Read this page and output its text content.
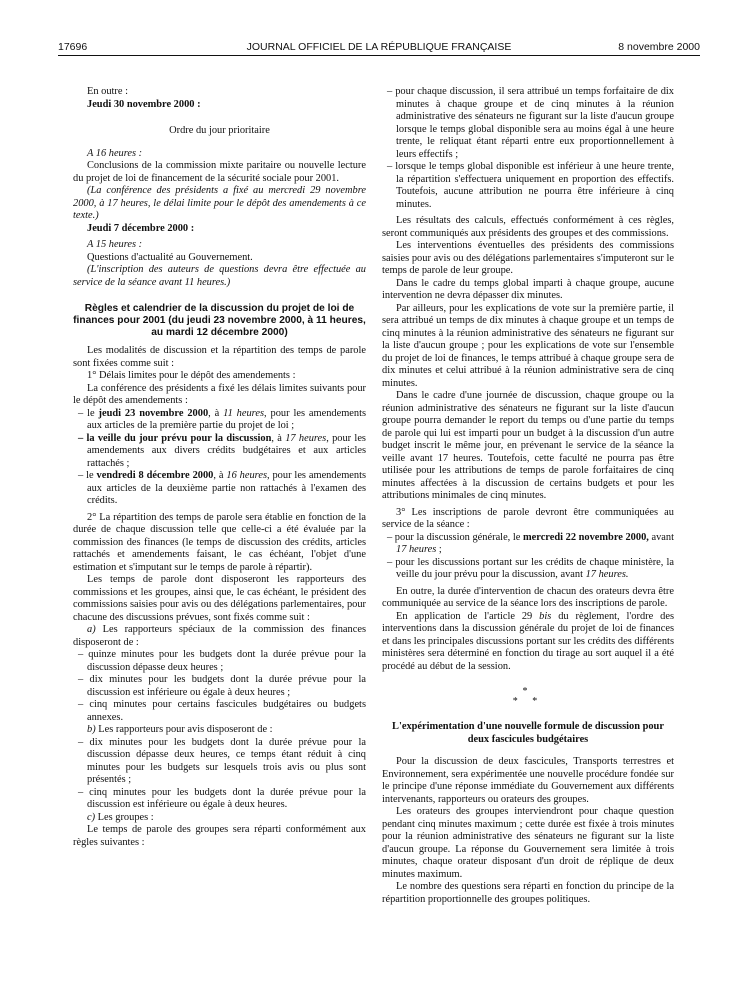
17696	JOURNAL OFFICIEL DE LA RÉPUBLIQUE FRANÇAISE	8 novembre 2000

En outre :

Jeudi 30 novembre 2000 :

Ordre du jour prioritaire

A 16 heures :

Conclusions de la commission mixte paritaire ou nouvelle lecture du projet de loi de financement de la sécurité sociale pour 2001.

(La conférence des présidents a fixé au mercredi 29 novembre 2000, à 17 heures, le délai limite pour le dépôt des amendements à ce texte.)

Jeudi 7 décembre 2000 :

A 15 heures :

Questions d'actualité au Gouvernement.

(L'inscription des auteurs de questions devra être effectuée au service de la séance avant 11 heures.)

Règles et calendrier de la discussion du projet de loi de finances pour 2001 (du jeudi 23 novembre 2000, à 11 heures, au mardi 12 décembre 2000)

Les modalités de discussion et la répartition des temps de parole sont fixées comme suit :

1° Délais limites pour le dépôt des amendements :

La conférence des présidents a fixé les délais limites suivants pour le dépôt des amendements :

– le jeudi 23 novembre 2000, à 11 heures, pour les amendements aux articles de la première partie du projet de loi ;
– la veille du jour prévu pour la discussion, à 17 heures, pour les amendements aux divers crédits budgétaires et aux articles rattachés ;
– le vendredi 8 décembre 2000, à 16 heures, pour les amendements aux articles de la deuxième partie non rattachés à l'examen des crédits.

2° La répartition des temps de parole sera établie en fonction de la durée de chaque discussion telle que celle-ci a été évaluée par la commission des finances (le temps de discussion des crédits, articles rattachés et amendements faisant, le cas échéant, l'objet d'une estimation et s'imputant sur le temps de parole à répartir).

Les temps de parole dont disposeront les rapporteurs des commissions et les groupes, ainsi que, le cas échéant, le président des commissions saisies pour avis ou des délégations parlementaires, pour chacune des discussions prévues, sont fixés comme suit :

a) Les rapporteurs spéciaux de la commission des finances disposeront de :

– quinze minutes pour les budgets dont la durée prévue pour la discussion dépasse deux heures ;
– dix minutes pour les budgets dont la durée prévue pour la discussion est inférieure ou égale à deux heures ;
– cinq minutes pour certains fascicules budgétaires ou budgets annexes.

b) Les rapporteurs pour avis disposeront de :

– dix minutes pour les budgets dont la durée prévue pour la discussion dépasse deux heures, ce temps étant réduit à cinq minutes pour les budgets sur lesquels trois avis ou plus sont présentés ;
– cinq minutes pour les budgets dont la durée prévue pour la discussion est inférieure ou égale à deux heures.

c) Les groupes :

Le temps de parole des groupes sera réparti conformément aux règles suivantes :

– pour chaque discussion, il sera attribué un temps forfaitaire de dix minutes à chaque groupe et de cinq minutes à la réunion administrative des sénateurs ne figurant sur la liste d'aucun groupe lorsque le temps global disponible sera au moins égal à une heure trente, le reliquat étant réparti entre eux proportionnellement à leurs effectifs ;
– lorsque le temps global disponible est inférieur à une heure trente, la répartition s'effectuera uniquement en proportion des effectifs. Toutefois, aucune attribution ne pourra être inférieure à cinq minutes.

Les résultats des calculs, effectués conformément à ces règles, seront communiqués aux présidents des groupes et des commissions.

Les interventions éventuelles des présidents des commissions saisies pour avis ou des délégations parlementaires s'imputeront sur le temps de parole de leur groupe.

Dans le cadre du temps global imparti à chaque groupe, aucune intervention ne devra dépasser dix minutes.

Par ailleurs, pour les explications de vote sur la première partie, il sera attribué un temps de dix minutes à chaque groupe et un temps de cinq minutes à la réunion administrative des sénateurs ne figurant sur la liste d'aucun groupe ; pour les explications de vote sur l'ensemble du projet de loi de finances, le temps attribué à chaque groupe sera de dix minutes et celui attribué à la réunion administrative sera de cinq minutes.

Dans le cadre d'une journée de discussion, chaque groupe ou la réunion administrative des sénateurs ne figurant sur la liste d'aucun groupe pourra demander le report du temps ou d'une partie du temps de parole qui lui est imparti pour un budget à la discussion d'un autre budget inscrit le même jour, en prévenant le service de la séance la veille avant 17 heures. Toutefois, cette faculté ne pourra pas être utilisée pour les attributions de temps de parole forfaitaires de cinq minutes affectées à la discussion de certains budgets et pour les attributions minimales de cinq minutes.

3° Les inscriptions de parole devront être communiquées au service de la séance :

– pour la discussion générale, le mercredi 22 novembre 2000, avant 17 heures ;
– pour les discussions portant sur les crédits de chaque ministère, la veille du jour prévu pour la discussion, avant 17 heures.

En outre, la durée d'intervention de chacun des orateurs devra être communiquée au service de la séance lors des inscriptions de parole.

En application de l'article 29 bis du règlement, l'ordre des interventions dans la discussion générale du projet de loi de finances et dans les principales discussions portant sur les crédits des différents ministères sera déterminé en fonction du tirage au sort auquel il a été procédé au début de la session.

*
* *

L'expérimentation d'une nouvelle formule de discussion pour deux fascicules budgétaires

Pour la discussion de deux fascicules, Transports terrestres et Environnement, sera expérimentée une nouvelle procédure fondée sur le principe d'une réponse immédiate du Gouvernement aux différents intervenants, rapporteurs ou orateurs des groupes.

Les orateurs des groupes interviendront pour chaque question pendant cinq minutes maximum ; cette durée est fixée à trois minutes pour la réunion administrative des sénateurs ne figurant sur la liste d'aucun groupe. La réponse du Gouvernement sera limitée à trois minutes, chaque orateur disposant d'un droit de réplique de deux minutes maximum.

Le nombre des questions sera réparti en fonction du principe de la répartition proportionnelle des groupes politiques.
